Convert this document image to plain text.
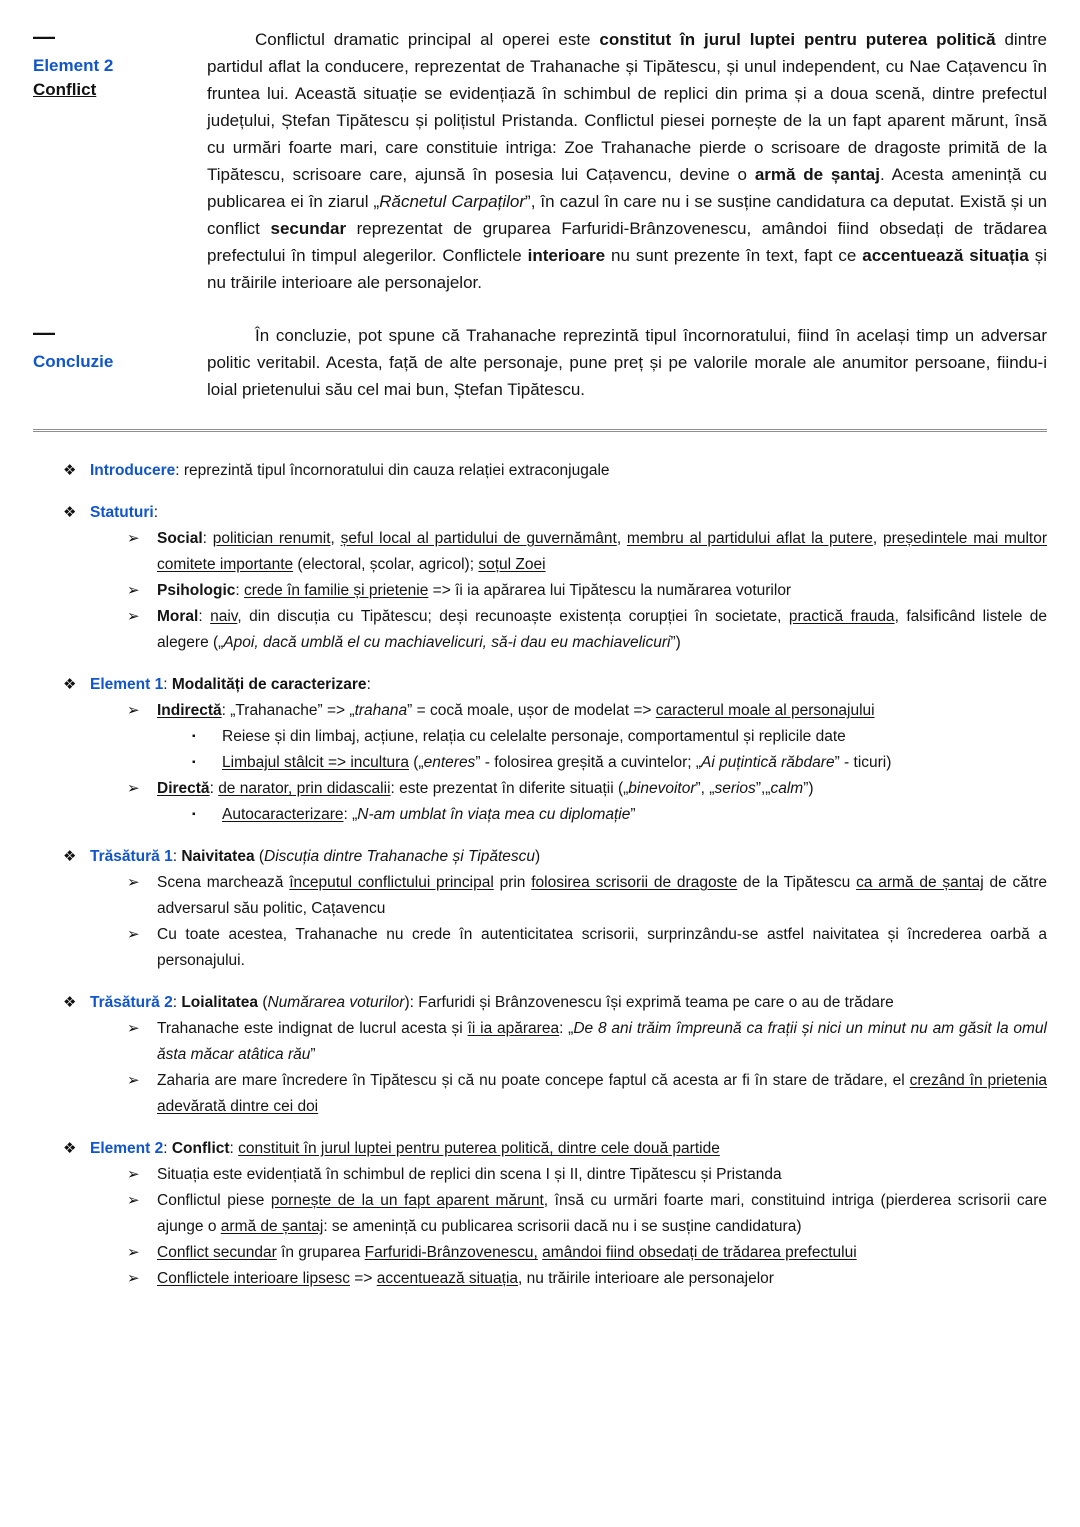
—
Element 2
Conflict
Conflictul dramatic principal al operei este constitut în jurul luptei pentru puterea politică dintre partidul aflat la conducere, reprezentat de Trahanache și Tipătescu, și unul independent, cu Nae Cațavencu în fruntea lui. Această situație se evidențiază în schimbul de replici din prima și a doua scenă, dintre prefectul județului, Ștefan Tipătescu și polițistul Pristanda. Conflictul piesei pornește de la un fapt aparent mărunt, însă cu urmări foarte mari, care constituie intriga: Zoe Trahanache pierde o scrisoare de dragoste primită de la Tipătescu, scrisoare care, ajunsă în posesia lui Cațavencu, devine o armă de șantaj. Acesta amenință cu publicarea ei în ziarul „Răcnetul Carpaților”, în cazul în care nu i se susține candidatura ca deputat. Există și un conflict secundar reprezentat de gruparea Farfuridi-Brânzovenescu, amândoi fiind obsedați de trădarea prefectului în timpul alegerilor. Conflictele interioare nu sunt prezente în text, fapt ce accentuează situația și nu trăirile interioare ale personajelor.
—
Concluzie
În concluzie, pot spune că Trahanache reprezintă tipul încornoratului, fiind în același timp un adversar politic veritabil. Acesta, față de alte personaje, pune preț și pe valorile morale ale anumitor persoane, fiindu-i loial prietenului său cel mai bun, Ștefan Tipătescu.
❖ Introducere: reprezintă tipul încornoratului din cauza relației extraconjugale
❖ Statuturi:
➢	Social: politician renumit, șeful local al partidului de guvernământ, membru al partidului aflat la putere, președintele mai multor comitete importante (electoral, școlar, agricol); soțul Zoei
➢	Psihologic: crede în familie și prietenie => îi ia apărarea lui Tipătescu la numărarea voturilor
➢	Moral: naiv, din discuția cu Tipătescu; deși recunoaște existența corupției în societate, practică frauda, falsificând listele de alegere („Apoi, dacă umblă el cu machiavelicuri, să-i dau eu machiavelicuri”)
❖ Element 1: Modalități de caracterizare:
➢	Indirectă: „Trahanache” => „trahana” = cocă moale, ușor de modelat => caracterul moale al personajului
▪	Reiese și din limbaj, acțiune, relația cu celelalte personaje, comportamentul și replicile date
▪	Limbajul stâlcit => incultura („enteres” - folosirea greșită a cuvintelor; „Ai puțintică răbdare” - ticuri)
➢	Directă: de narator, prin didascalii: este prezentat în diferite situații („binevoitor”, „serios”,„calm”)
▪	Autocaracterizare: „N-am umblat în viața mea cu diplomație”
❖ Trăsătură 1: Naivitatea (Discuția dintre Trahanache și Tipătescu)
➢	Scena marchează începutul conflictului principal prin folosirea scrisorii de dragoste de la Tipătescu ca armă de șantaj de către adversarul său politic, Cațavencu
➢	Cu toate acestea, Trahanache nu crede în autenticitatea scrisorii, surprinzându-se astfel naivitatea și încrederea oarbă a personajului.
❖ Trăsătură 2: Loialitatea (Numărarea voturilor): Farfuridi și Brânzovenescu își exprimă teama pe care o au de trădare
➢	Trahanache este indignat de lucrul acesta și îi ia apărarea: „De 8 ani trăim împreună ca frații și nici un minut nu am găsit la omul ăsta măcar atâtica rău”
➢	Zaharia are mare încredere în Tipătescu și că nu poate concepe faptul că acesta ar fi în stare de trădare, el crezând în prietenia adevărată dintre cei doi
❖ Element 2: Conflict: constituit în jurul luptei pentru puterea politică, dintre cele două partide
➢	Situația este evidențiată în schimbul de replici din scena I și II, dintre Tipătescu și Pristanda
➢	Conflictul piese pornește de la un fapt aparent mărunt, însă cu urmări foarte mari, constituind intriga (pierderea scrisorii care ajunge o armă de șantaj: se amenință cu publicarea scrisorii dacă nu i se susține candidatura)
➢	Conflict secundar în gruparea Farfuridi-Brânzovenescu, amândoi fiind obsedați de trădarea prefectului
➢	Conflictele interioare lipsesc => accentuează situația, nu trăirile interioare ale personajelor
